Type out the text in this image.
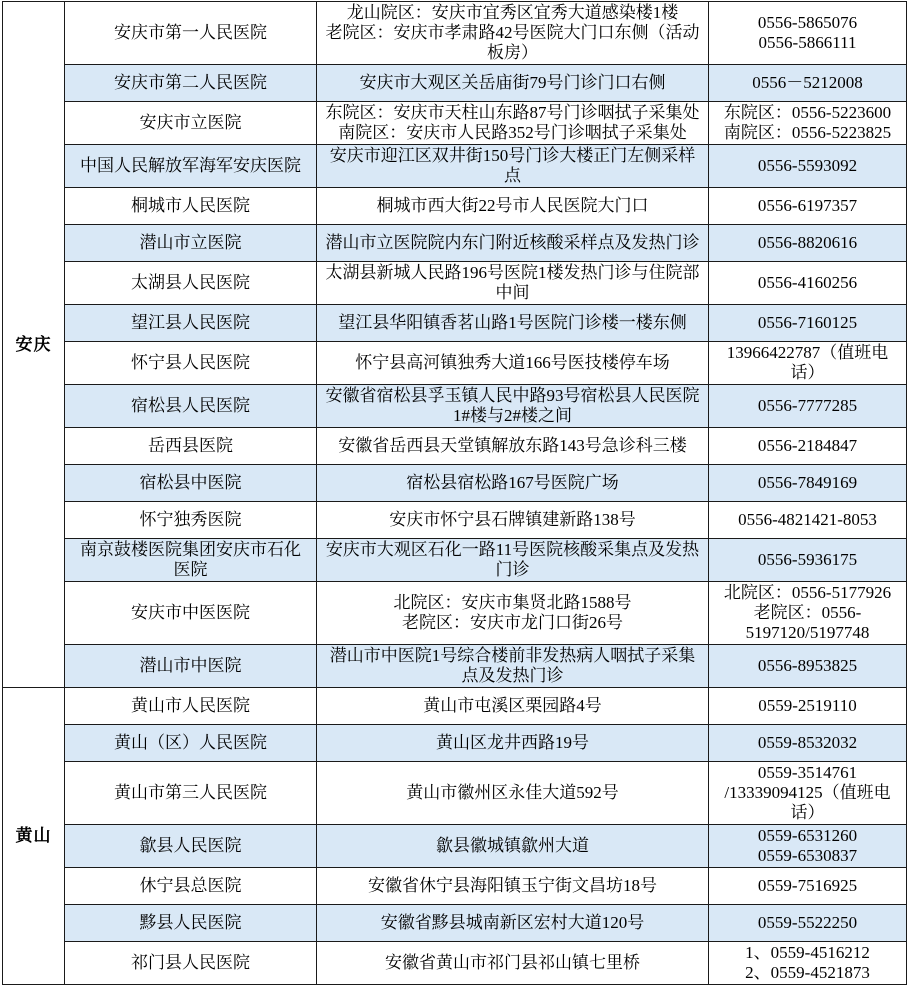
安庆	安庆市第一人民医院	龙山院区：安庆市宜秀区宜秀大道感染楼1楼
老院区：安庆市孝肃路42号医院大门口东侧（活动板房）	0556-5865076
0556-5866111

	安庆市第二人民医院	安庆市大观区关岳庙街79号门诊门口右侧	0556－5212008

	安庆市立医院	东院区：安庆市天柱山东路87号门诊咽拭子采集处
南院区：安庆市人民路352号门诊咽拭子采集处	东院区：0556-5223600
南院区：0556-5223825

	中国人民解放军海军安庆医院	安庆市迎江区双井街150号门诊大楼正门左侧采样点	0556-5593092

	桐城市人民医院	桐城市西大街22号市人民医院大门口	0556-6197357

	潜山市立医院	潜山市立医院院内东门附近核酸采样点及发热门诊	0556-8820616

	太湖县人民医院	太湖县新城人民路196号医院1楼发热门诊与住院部中间	0556-4160256

	望江县人民医院	望江县华阳镇香茗山路1号医院门诊楼一楼东侧	0556-7160125

	怀宁县人民医院	怀宁县高河镇独秀大道166号医技楼停车场	13966422787（值班电话）

	宿松县人民医院	安徽省宿松县孚玉镇人民中路93号宿松县人民医院1#楼与2#楼之间	0556-7777285

	岳西县医院	安徽省岳西县天堂镇解放东路143号急诊科三楼	0556-2184847

	宿松县中医院	宿松县宿松路167号医院广场	0556-7849169

	怀宁独秀医院	安庆市怀宁县石牌镇建新路138号	0556-4821421-8053

	南京鼓楼医院集团安庆市石化医院	安庆市大观区石化一路11号医院核酸采集点及发热门诊	0556-5936175

	安庆市中医医院	北院区：安庆市集贤北路1588号
老院区：安庆市龙门口街26号	北院区：0556-5177926
老院区：0556-5197120/5197748

	潜山市中医院	潜山市中医院1号综合楼前非发热病人咽拭子采集点及发热门诊	0556-8953825

黄山	黄山市人民医院	黄山市屯溪区栗园路4号	0559-2519110

	黄山（区）人民医院	黄山区龙井西路19号	0559-8532032

	黄山市第三人民医院	黄山市徽州区永佳大道592号	0559-3514761
/13339094125（值班电话）

	歙县人民医院	歙县徽城镇歙州大道	0559-6531260
0559-6530837

	休宁县总医院	安徽省休宁县海阳镇玉宁街文昌坊18号	0559-7516925

	黟县人民医院	安徽省黟县城南新区宏村大道120号	0559-5522250

	祁门县人民医院	安徽省黄山市祁门县祁山镇七里桥	1、0559-4516212
2、0559-4521873
